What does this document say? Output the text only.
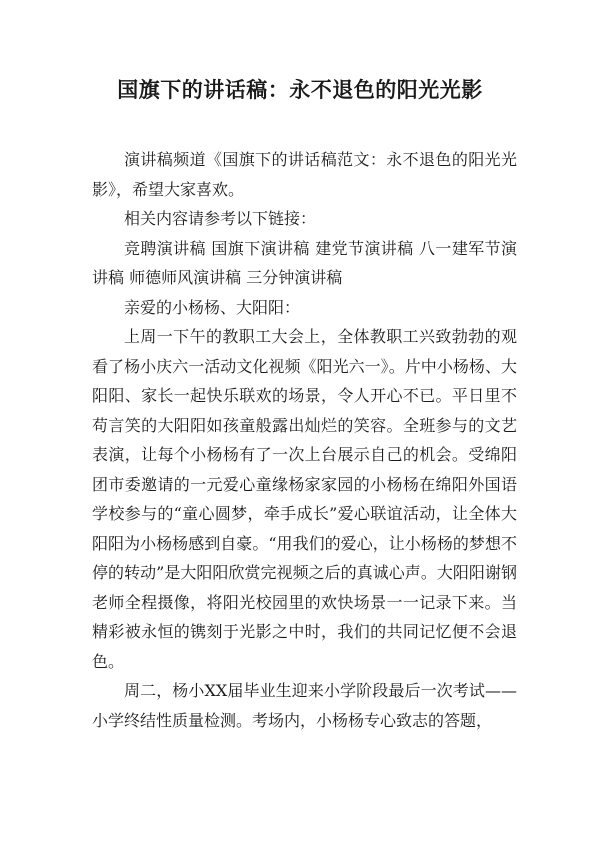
国旗下的讲话稿：永不退色的阳光光影

演讲稿频道《国旗下的讲话稿范文：永不退色的阳光光影》，希望大家喜欢。

相关内容请参考以下链接：

竞聘演讲稿 国旗下演讲稿 建党节演讲稿 八一建军节演讲稿 师德师风演讲稿 三分钟演讲稿

亲爱的小杨杨、大阳阳：

上周一下午的教职工大会上，全体教职工兴致勃勃的观看了杨小庆六一活动文化视频《阳光六一》。片中小杨杨、大阳阳、家长一起快乐联欢的场景，令人开心不已。平日里不苟言笑的大阳阳如孩童般露出灿烂的笑容。全班参与的文艺表演，让每个小杨杨有了一次上台展示自己的机会。受绵阳团市委邀请的一元爱心童缘杨家家园的小杨杨在绵阳外国语学校参与的“童心圆梦，牵手成长”爱心联谊活动，让全体大阳阳为小杨杨感到自豪。“用我们的爱心，让小杨杨的梦想不停的转动”是大阳阳欣赏完视频之后的真诚心声。大阳阳谢钢老师全程摄像，将阳光校园里的欢快场景一一记录下来。当精彩被永恒的镌刻于光影之中时，我们的共同记忆便不会退色。

周二，杨小XX届毕业生迎来小学阶段最后一次考试——小学终结性质量检测。考场内，小杨杨专心致志的答题，
